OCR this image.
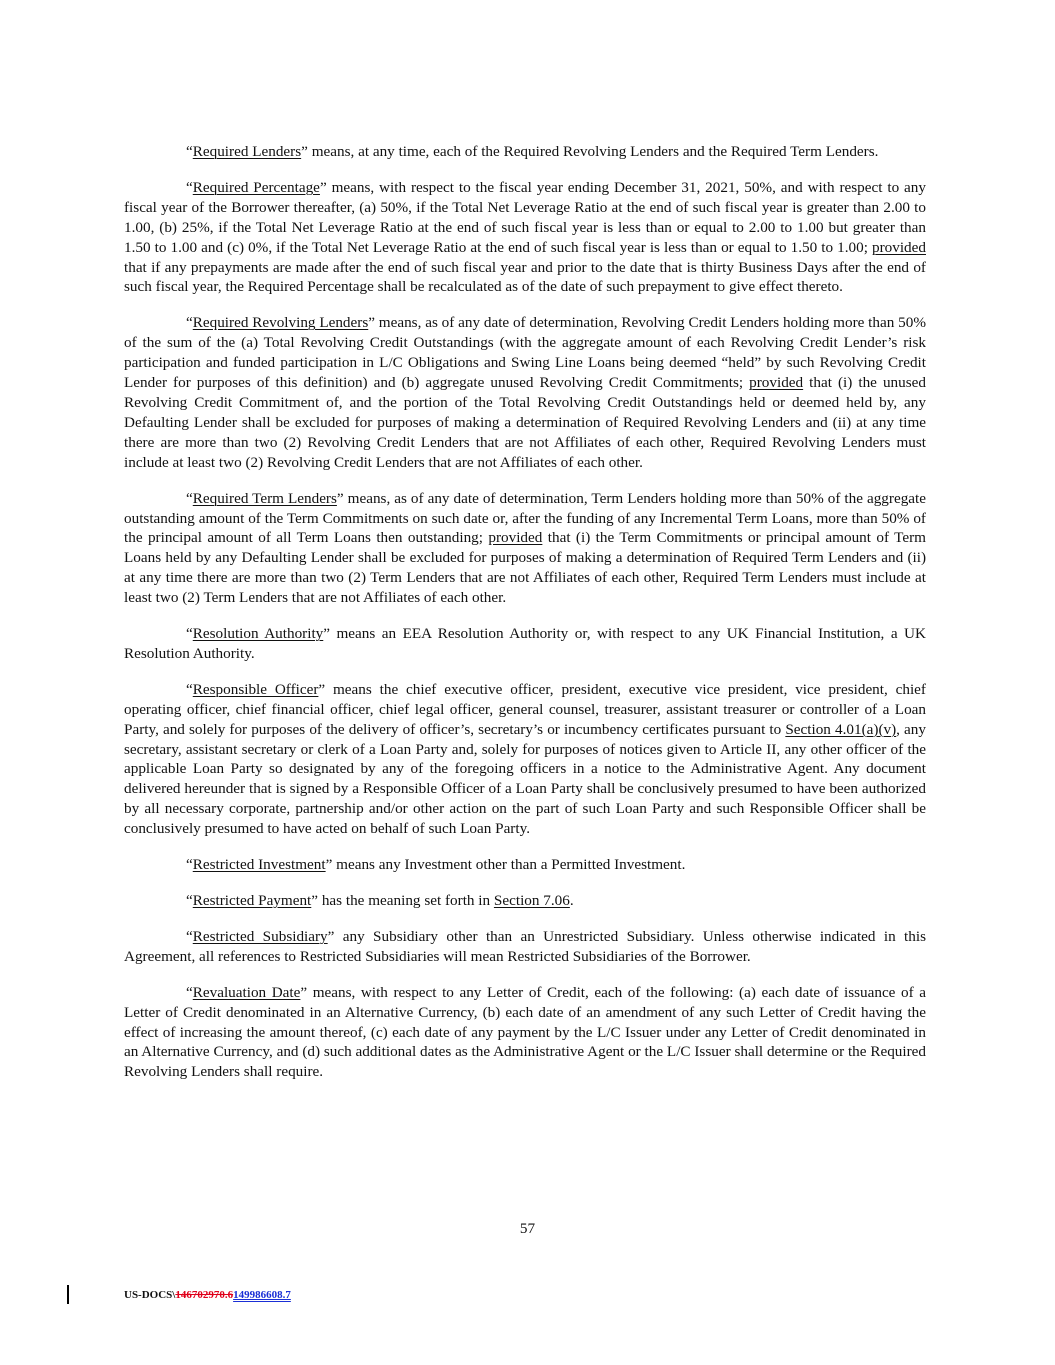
“Required Lenders” means, at any time, each of the Required Revolving Lenders and the Required Term Lenders.

“Required Percentage” means, with respect to the fiscal year ending December 31, 2021, 50%, and with respect to any fiscal year of the Borrower thereafter, (a) 50%, if the Total Net Leverage Ratio at the end of such fiscal year is greater than 2.00 to 1.00, (b) 25%, if the Total Net Leverage Ratio at the end of such fiscal year is less than or equal to 2.00 to 1.00 but greater than 1.50 to 1.00 and (c) 0%, if the Total Net Leverage Ratio at the end of such fiscal year is less than or equal to 1.50 to 1.00; provided that if any prepayments are made after the end of such fiscal year and prior to the date that is thirty Business Days after the end of such fiscal year, the Required Percentage shall be recalculated as of the date of such prepayment to give effect thereto.

“Required Revolving Lenders” means, as of any date of determination, Revolving Credit Lenders holding more than 50% of the sum of the (a) Total Revolving Credit Outstandings (with the aggregate amount of each Revolving Credit Lender’s risk participation and funded participation in L/C Obligations and Swing Line Loans being deemed “held” by such Revolving Credit Lender for purposes of this definition) and (b) aggregate unused Revolving Credit Commitments; provided that (i) the unused Revolving Credit Commitment of, and the portion of the Total Revolving Credit Outstandings held or deemed held by, any Defaulting Lender shall be excluded for purposes of making a determination of Required Revolving Lenders and (ii) at any time there are more than two (2) Revolving Credit Lenders that are not Affiliates of each other, Required Revolving Lenders must include at least two (2) Revolving Credit Lenders that are not Affiliates of each other.

“Required Term Lenders” means, as of any date of determination, Term Lenders holding more than 50% of the aggregate outstanding amount of the Term Commitments on such date or, after the funding of any Incremental Term Loans, more than 50% of the principal amount of all Term Loans then outstanding; provided that (i) the Term Commitments or principal amount of Term Loans held by any Defaulting Lender shall be excluded for purposes of making a determination of Required Term Lenders and (ii) at any time there are more than two (2) Term Lenders that are not Affiliates of each other, Required Term Lenders must include at least two (2) Term Lenders that are not Affiliates of each other.

“Resolution Authority” means an EEA Resolution Authority or, with respect to any UK Financial Institution, a UK Resolution Authority.

“Responsible Officer” means the chief executive officer, president, executive vice president, vice president, chief operating officer, chief financial officer, chief legal officer, general counsel, treasurer, assistant treasurer or controller of a Loan Party, and solely for purposes of the delivery of officer’s, secretary’s or incumbency certificates pursuant to Section 4.01(a)(v), any secretary, assistant secretary or clerk of a Loan Party and, solely for purposes of notices given to Article II, any other officer of the applicable Loan Party so designated by any of the foregoing officers in a notice to the Administrative Agent. Any document delivered hereunder that is signed by a Responsible Officer of a Loan Party shall be conclusively presumed to have been authorized by all necessary corporate, partnership and/or other action on the part of such Loan Party and such Responsible Officer shall be conclusively presumed to have acted on behalf of such Loan Party.

“Restricted Investment” means any Investment other than a Permitted Investment.

“Restricted Payment” has the meaning set forth in Section 7.06.

“Restricted Subsidiary” any Subsidiary other than an Unrestricted Subsidiary. Unless otherwise indicated in this Agreement, all references to Restricted Subsidiaries will mean Restricted Subsidiaries of the Borrower.

“Revaluation Date” means, with respect to any Letter of Credit, each of the following: (a) each date of issuance of a Letter of Credit denominated in an Alternative Currency, (b) each date of an amendment of any such Letter of Credit having the effect of increasing the amount thereof, (c) each date of any payment by the L/C Issuer under any Letter of Credit denominated in an Alternative Currency, and (d) such additional dates as the Administrative Agent or the L/C Issuer shall determine or the Required Revolving Lenders shall require.

57
US-DOCS\146702970.6149986608.7
